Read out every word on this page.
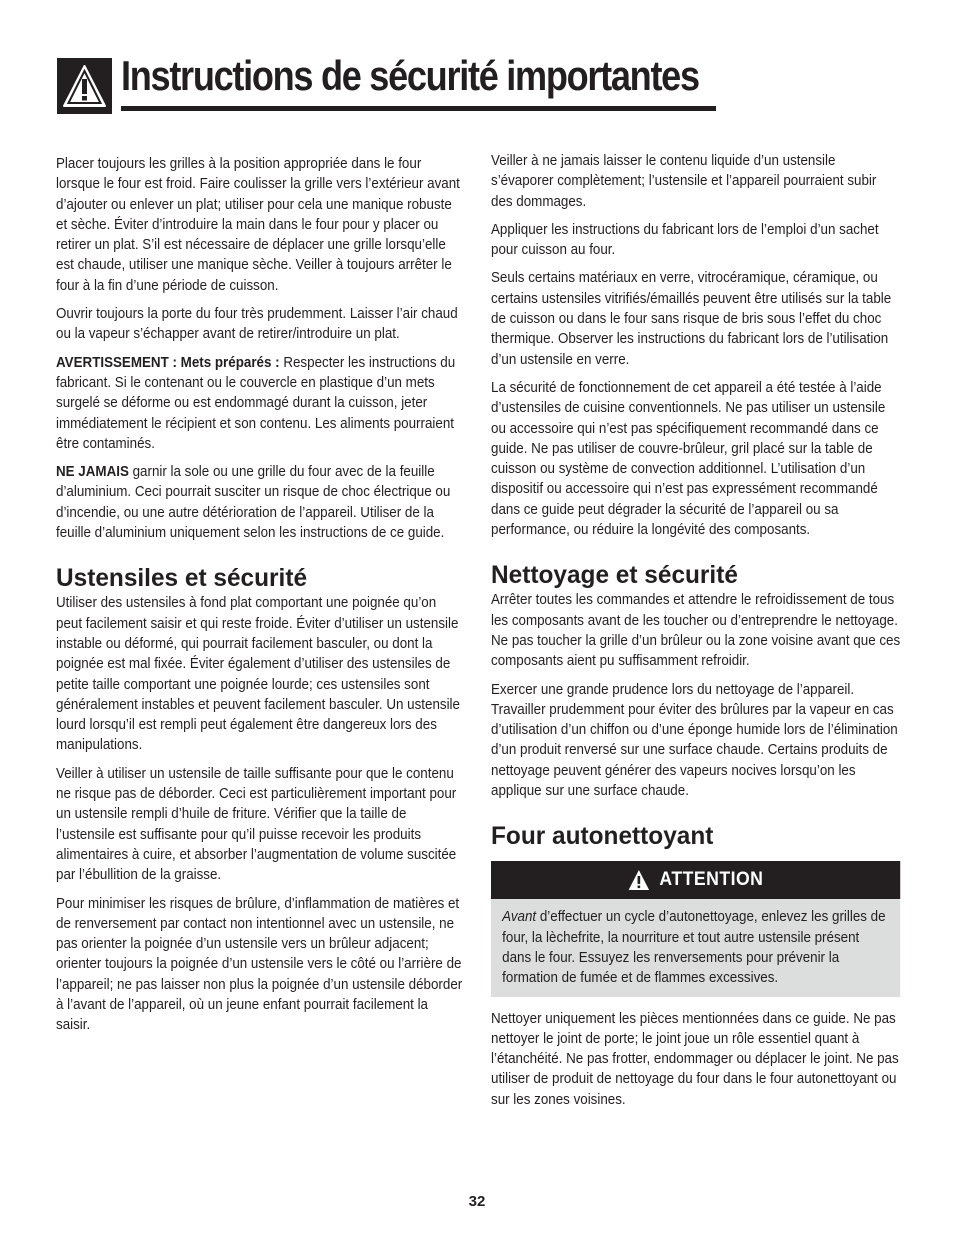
Instructions de sécurité importantes

Placer toujours les grilles à la position appropriée dans le four lorsque le four est froid. Faire coulisser la grille vers l’extérieur avant d’ajouter ou enlever un plat; utiliser pour cela une manique robuste et sèche. Éviter d’introduire la main dans le four pour y placer ou retirer un plat. S’il est nécessaire de déplacer une grille lorsqu’elle est chaude, utiliser une manique sèche. Veiller à toujours arrêter le four à la fin d’une période de cuisson.

Ouvrir toujours la porte du four très prudemment. Laisser l’air chaud ou la vapeur s’échapper avant de retirer/introduire un plat.

AVERTISSEMENT : Mets préparés : Respecter les instructions du fabricant. Si le contenant ou le couvercle en plastique d’un mets surgelé se déforme ou est endommagé durant la cuisson, jeter immédiatement le récipient et son contenu. Les aliments pourraient être contaminés.

NE JAMAIS garnir la sole ou une grille du four avec de la feuille d’aluminium. Ceci pourrait susciter un risque de choc électrique ou d’incendie, ou une autre détérioration de l’appareil. Utiliser de la feuille d’aluminium uniquement selon les instructions de ce guide.

Ustensiles et sécurité

Utiliser des ustensiles à fond plat comportant une poignée qu’on peut facilement saisir et qui reste froide. Éviter d’utiliser un ustensile instable ou déformé, qui pourrait facilement basculer, ou dont la poignée est mal fixée. Éviter également d’utiliser des ustensiles de petite taille comportant une poignée lourde; ces ustensiles sont généralement instables et peuvent facilement basculer. Un ustensile lourd lorsqu’il est rempli peut également être dangereux lors des manipulations.

Veiller à utiliser un ustensile de taille suffisante pour que le contenu ne risque pas de déborder. Ceci est particulièrement important pour un ustensile rempli d’huile de friture. Vérifier que la taille de l’ustensile est suffisante pour qu’il puisse recevoir les produits alimentaires à cuire, et absorber l’augmentation de volume suscitée par l’ébullition de la graisse.

Pour minimiser les risques de brûlure, d’inflammation de matières et de renversement par contact non intentionnel avec un ustensile, ne pas orienter la poignée d’un ustensile vers un brûleur adjacent; orienter toujours la poignée d’un ustensile vers le côté ou l’arrière de l’appareil; ne pas laisser non plus la poignée d’un ustensile déborder à l’avant de l’appareil, où un jeune enfant pourrait facilement la saisir.

Veiller à ne jamais laisser le contenu liquide d’un ustensile s’évaporer complètement; l’ustensile et l’appareil pourraient subir des dommages.

Appliquer les instructions du fabricant lors de l’emploi d’un sachet pour cuisson au four.

Seuls certains matériaux en verre, vitrocéramique, céramique, ou certains ustensiles vitrifiés/émaillés peuvent être utilisés sur la table de cuisson ou dans le four sans risque de bris sous l’effet du choc thermique. Observer les instructions du fabricant lors de l’utilisation d’un ustensile en verre.

La sécurité de fonctionnement de cet appareil a été testée à l’aide d’ustensiles de cuisine conventionnels. Ne pas utiliser un ustensile ou accessoire qui n’est pas spécifiquement recommandé dans ce guide. Ne pas utiliser de couvre-brûleur, gril placé sur la table de cuisson ou système de convection additionnel. L’utilisation d’un dispositif ou accessoire qui n’est pas expressément recommandé dans ce guide peut dégrader la sécurité de l’appareil ou sa performance, ou réduire la longévité des composants.

Nettoyage et sécurité

Arrêter toutes les commandes et attendre le refroidissement de tous les composants avant de les toucher ou d’entreprendre le nettoyage. Ne pas toucher la grille d’un brûleur ou la zone voisine avant que ces composants aient pu suffisamment refroidir.

Exercer une grande prudence lors du nettoyage de l’appareil. Travailler prudemment pour éviter des brûlures par la vapeur en cas d’utilisation d’un chiffon ou d’une éponge humide lors de l’élimination d’un produit renversé sur une surface chaude. Certains produits de nettoyage peuvent générer des vapeurs nocives lorsqu’on les applique sur une surface chaude.

Four autonettoyant
ATTENTION

Avant d’effectuer un cycle d’autonettoyage, enlevez les grilles de four, la lèchefrite, la nourriture et tout autre ustensile présent dans le four. Essuyez les renversements pour prévenir la formation de fumée et de flammes excessives.

Nettoyer uniquement les pièces mentionnées dans ce guide. Ne pas nettoyer le joint de porte; le joint joue un rôle essentiel quant à l’étanchéité. Ne pas frotter, endommager ou déplacer le joint. Ne pas utiliser de produit de nettoyage du four dans le four autonettoyant ou sur les zones voisines.

32
